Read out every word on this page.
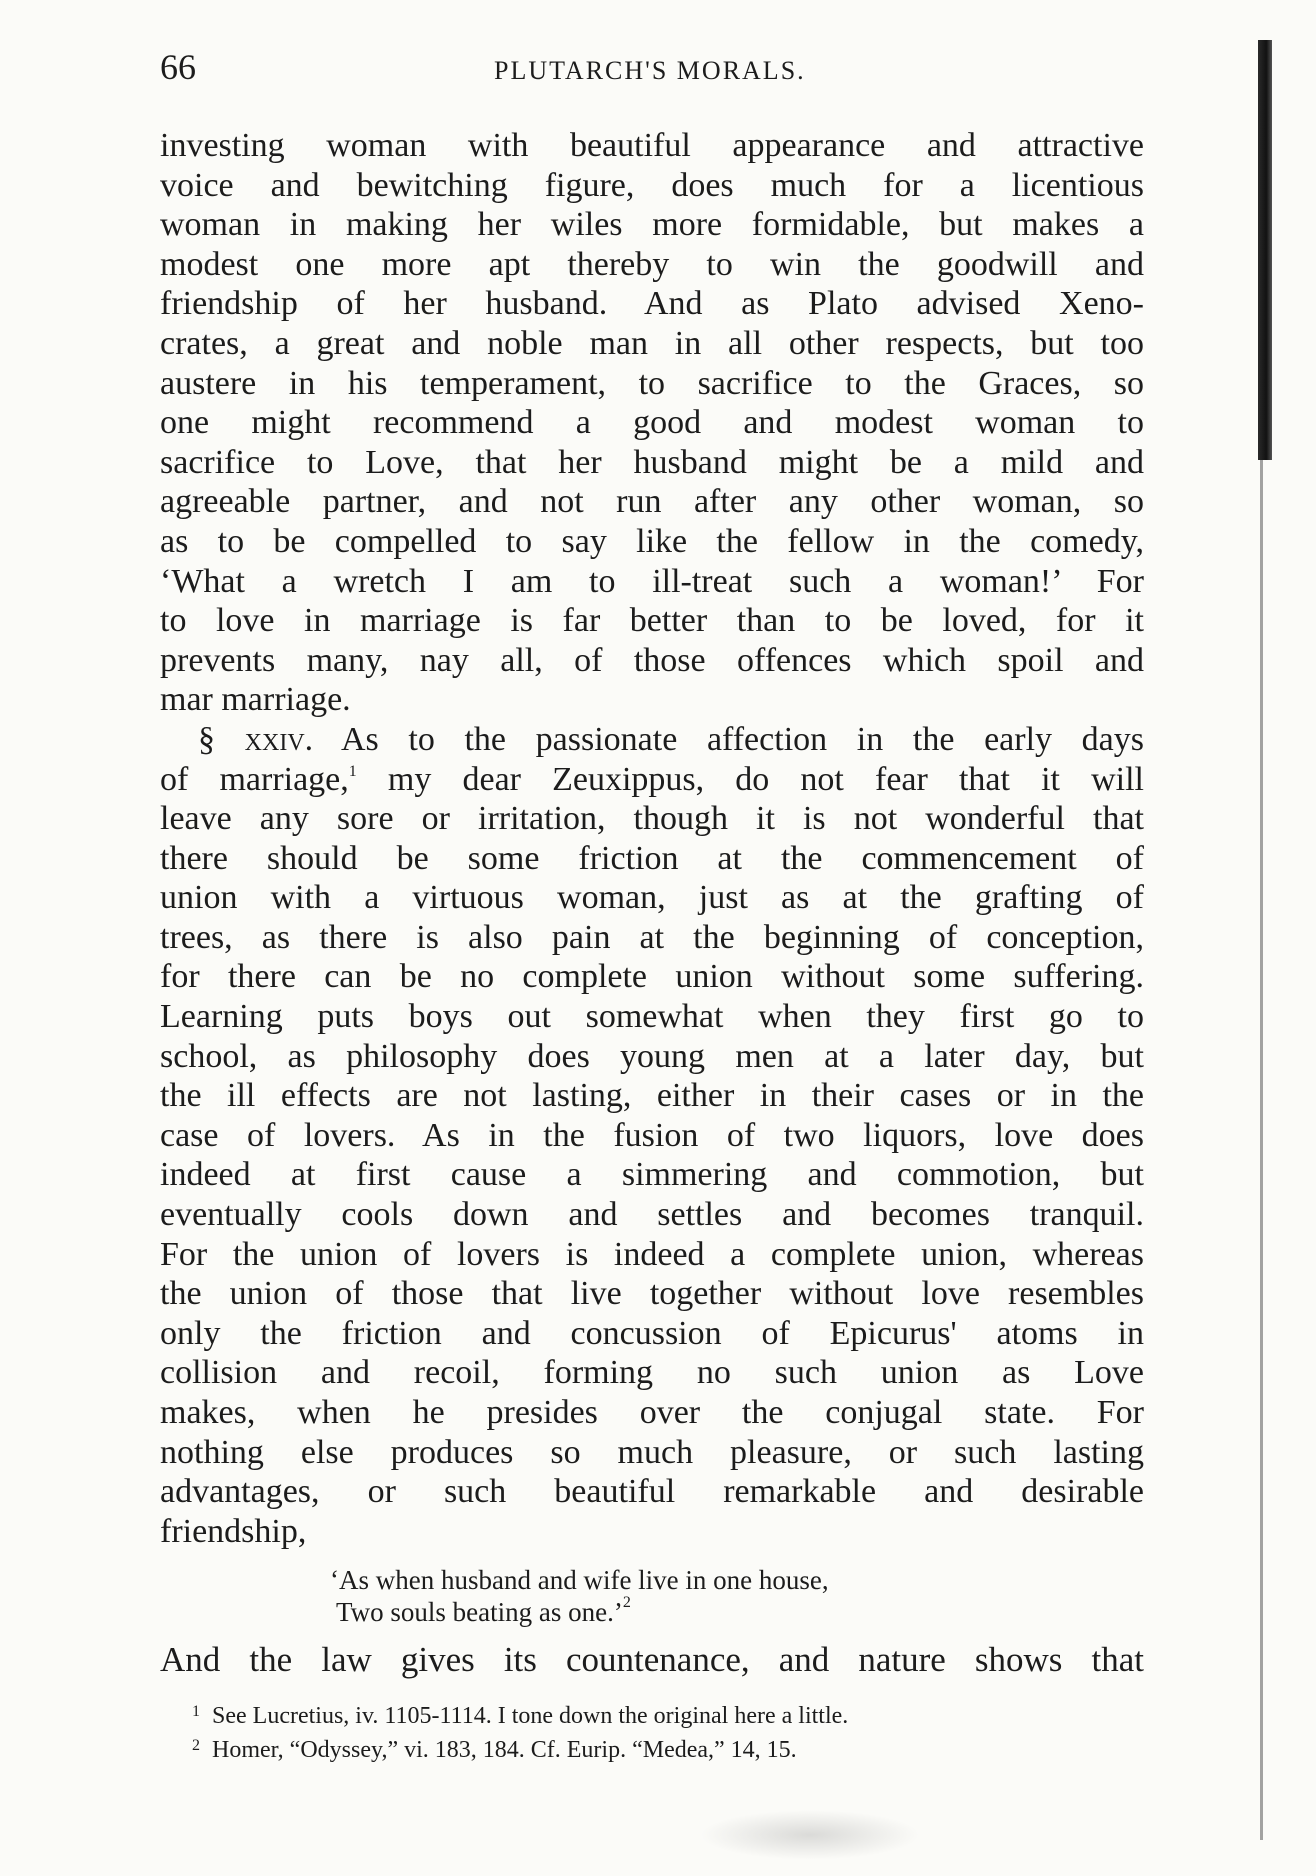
66	PLUTARCH'S MORALS.
investing woman with beautiful appearance and attractive
voice and bewitching figure, does much for a licentious
woman in making her wiles more formidable, but makes a
modest one more apt thereby to win the goodwill and
friendship of her husband. And as Plato advised Xeno-
crates, a great and noble man in all other respects, but too
austere in his temperament, to sacrifice to the Graces, so
one might recommend a good and modest woman to
sacrifice to Love, that her husband might be a mild and
agreeable partner, and not run after any other woman, so
as to be compelled to say like the fellow in the comedy,
‘What a wretch I am to ill-treat such a woman!’ For
to love in marriage is far better than to be loved, for it
prevents many, nay all, of those offences which spoil and
mar marriage.
§ xxiv. As to the passionate affection in the early days
of marriage,$^1$ my dear Zeuxippus, do not fear that it will
leave any sore or irritation, though it is not wonderful that
there should be some friction at the commencement of
union with a virtuous woman, just as at the grafting of
trees, as there is also pain at the beginning of conception,
for there can be no complete union without some suffering.
Learning puts boys out somewhat when they first go to
school, as philosophy does young men at a later day, but
the ill effects are not lasting, either in their cases or in the
case of lovers. As in the fusion of two liquors, love does
indeed at first cause a simmering and commotion, but
eventually cools down and settles and becomes tranquil.
For the union of lovers is indeed a complete union, whereas
the union of those that live together without love resembles
only the friction and concussion of Epicurus' atoms in
collision and recoil, forming no such union as Love
makes, when he presides over the conjugal state. For
nothing else produces so much pleasure, or such lasting
advantages, or such beautiful remarkable and desirable
friendship,
‘As when husband and wife live in one house,
Two souls beating as one.’$^2$
And the law gives its countenance, and nature shows that
$^1$ See Lucretius, iv. 1105-1114. I tone down the original here a little.
$^2$ Homer, “Odyssey,” vi. 183, 184. Cf. Eurip. “Medea,” 14, 15.
